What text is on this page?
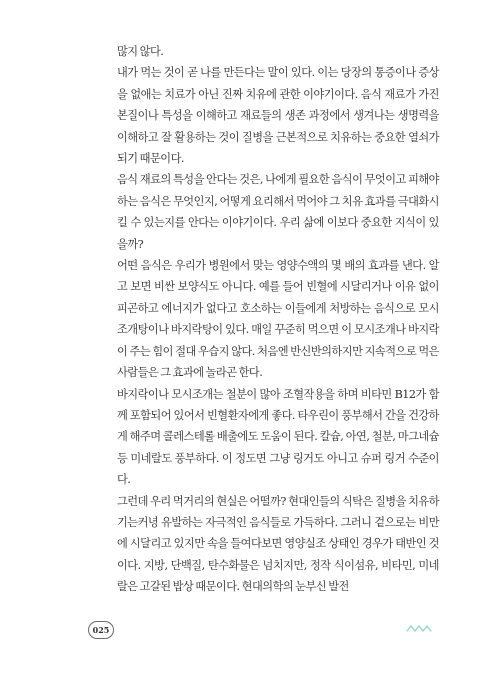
많지 않다.

내가 먹는 것이 곧 나를 만든다는 말이 있다. 이는 당장의 통증이나 증상을 없애는 치료가 아닌 진짜 치유에 관한 이야기이다. 음식 재료가 가진 본질이나 특성을 이해하고 재료들의 생존 과정에서 생겨나는 생명력을 이해하고 잘 활용하는 것이 질병을 근본적으로 치유하는 중요한 열쇠가 되기 때문이다.

음식 재료의 특성을 안다는 것은, 나에게 필요한 음식이 무엇이고 피해야 하는 음식은 무엇인지, 어떻게 요리해서 먹어야 그 치유 효과를 극대화시킬 수 있는지를 안다는 이야기이다. 우리 삶에 이보다 중요한 지식이 있을까?

어떤 음식은 우리가 병원에서 맞는 영양수액의 몇 배의 효과를 낸다. 알고 보면 비싼 보양식도 아니다. 예를 들어 빈혈에 시달리거나 이유 없이 피곤하고 에너지가 없다고 호소하는 이들에게 처방하는 음식으로 모시조개탕이나 바지락탕이 있다. 매일 꾸준히 먹으면 이 모시조개나 바지락이 주는 힘이 절대 우습지 않다. 처음엔 반신반의하지만 지속적으로 먹은 사람들은 그 효과에 놀라곤 한다.

바지락이나 모시조개는 철분이 많아 조혈작용을 하며 비타민 B12가 함께 포함되어 있어서 빈혈환자에게 좋다. 타우린이 풍부해서 간을 건강하게 해주며 콜레스테롤 배출에도 도움이 된다. 칼슘, 아연, 철분, 마그네슘 등 미네랄도 풍부하다. 이 정도면 그냥 링거도 아니고 슈퍼 링거 수준이다.

그런데 우리 먹거리의 현실은 어떨까? 현대인들의 식탁은 질병을 치유하기는커녕 유발하는 자극적인 음식들로 가득하다. 그러니 겉으로는 비만에 시달리고 있지만 속을 들여다보면 영양실조 상태인 경우가 태반인 것이다. 지방, 단백질, 탄수화물은 넘치지만, 정작 식이섬유, 비타민, 미네랄은 고갈된 밥상 때문이다. 현대의학의 눈부신 발전

025
